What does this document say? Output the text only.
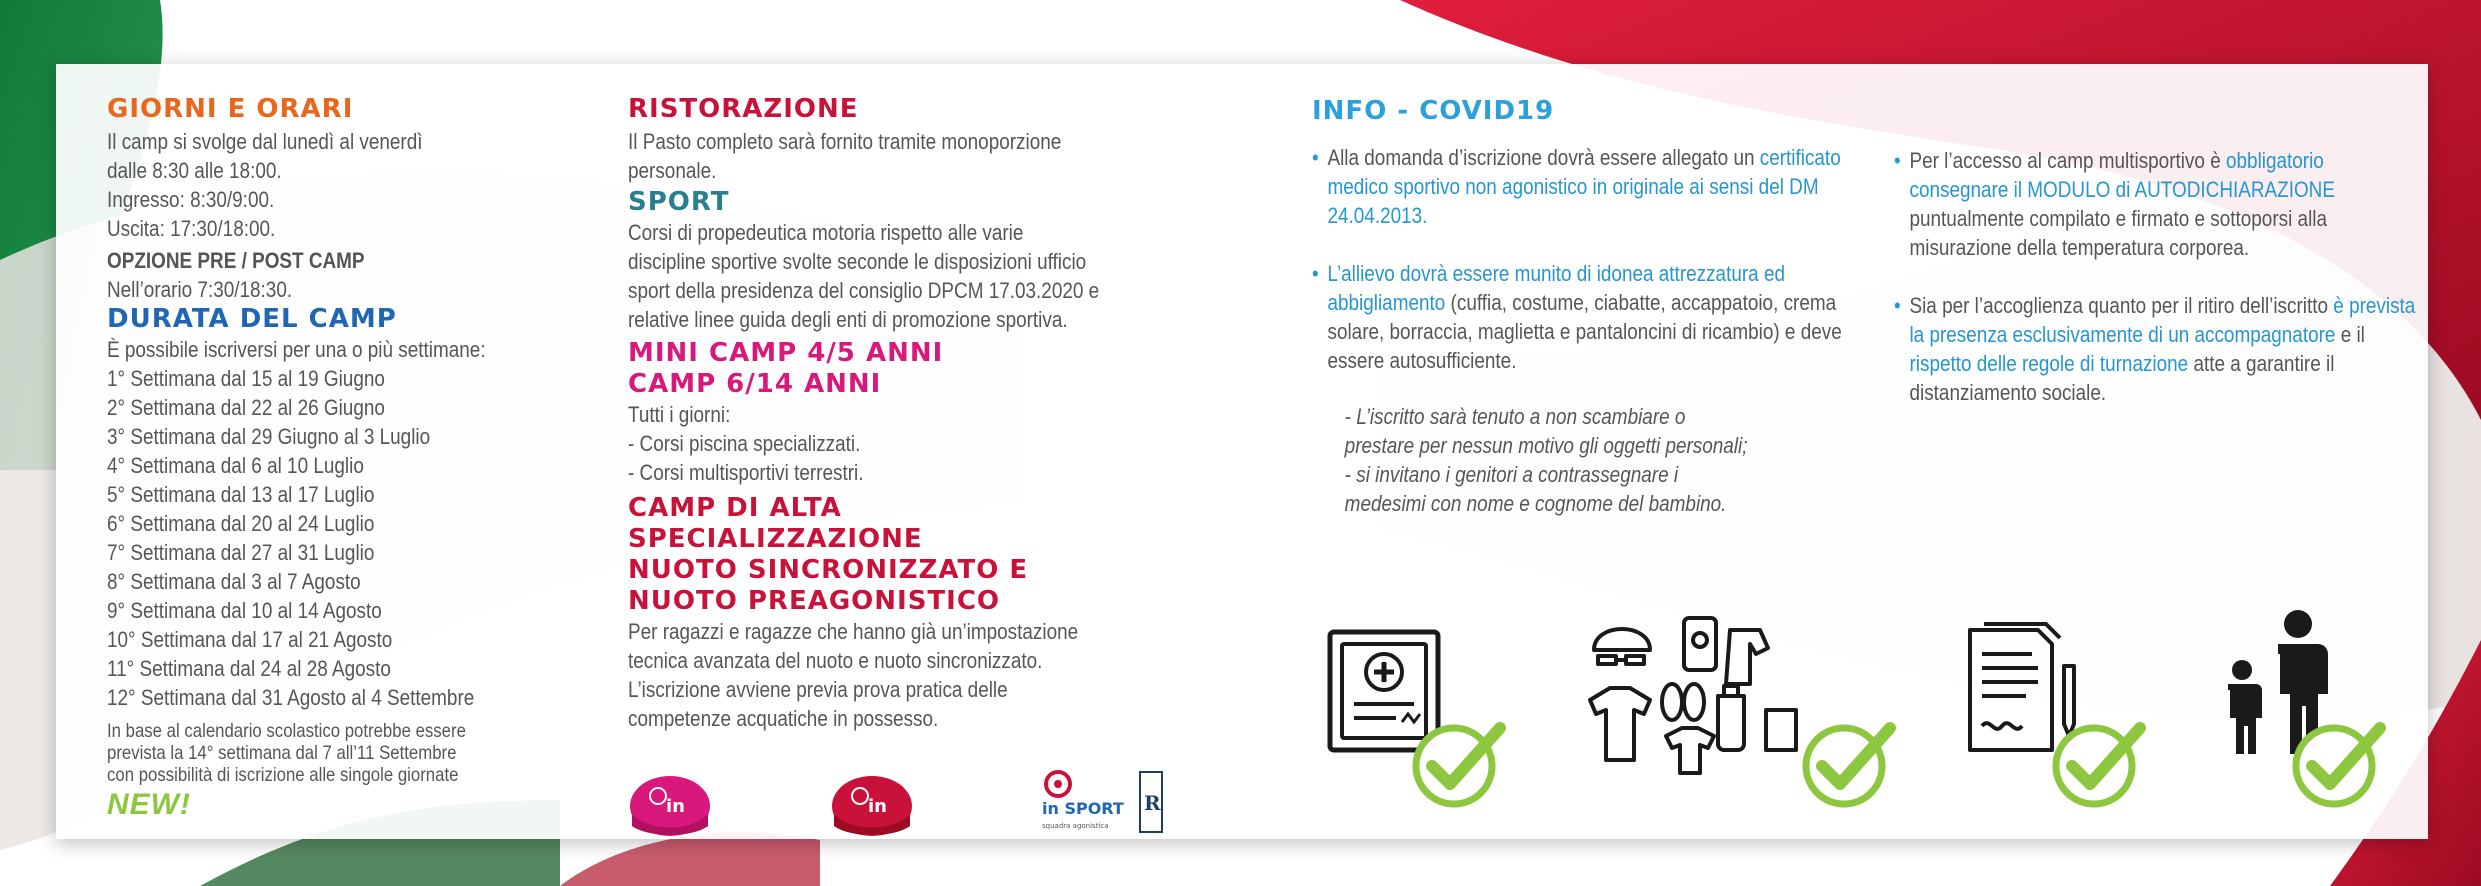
GIORNI E ORARI
Il camp si svolge dal lunedì al venerdì
dalle 8:30 alle 18:00.
Ingresso: 8:30/9:00.
Uscita: 17:30/18:00.
OPZIONE PRE / POST CAMP
Nell’orario 7:30/18:30.
DURATA DEL CAMP
È possibile iscriversi per una o più settimane:
1° Settimana dal 15 al 19 Giugno
2° Settimana dal 22 al 26 Giugno
3° Settimana dal 29 Giugno al 3 Luglio
4° Settimana dal 6 al 10 Luglio
5° Settimana dal 13 al 17 Luglio
6° Settimana dal 20 al 24 Luglio
7° Settimana dal 27 al 31 Luglio
8° Settimana dal 3 al 7 Agosto
9° Settimana dal 10 al 14 Agosto
10° Settimana dal 17 al 21 Agosto
11° Settimana dal 24 al 28 Agosto
12° Settimana dal 31 Agosto al 4 Settembre
In base al calendario scolastico potrebbe essere
prevista la 14° settimana dal 7 all’11 Settembre
con possibilità di iscrizione alle singole giornate
NEW!
RISTORAZIONE
Il Pasto completo sarà fornito tramite monoporzione
personale.
SPORT
Corsi di propedeutica motoria rispetto alle varie
discipline sportive svolte seconde le disposizioni ufficio
sport della presidenza del consiglio DPCM 17.03.2020 e
relative linee guida degli enti di promozione sportiva.
MINI CAMP 4/5 ANNI
CAMP 6/14 ANNI
Tutti i giorni:
- Corsi piscina specializzati.
- Corsi multisportivi terrestri.
CAMP DI ALTA
SPECIALIZZAZIONE
NUOTO SINCRONIZZATO E
NUOTO PREAGONISTICO
Per ragazzi e ragazze che hanno già un’impostazione
tecnica avanzata del nuoto e nuoto sincronizzato.
L’iscrizione avviene previa prova pratica delle
competenze acquatiche in possesso.
in	in	in SPORT
squadra agonistica
R
INFO - COVID19
• Alla domanda d’iscrizione dovrà essere allegato un certificato medico sportivo non agonistico in originale ai sensi del DM 24.04.2013.
• L’allievo dovrà essere munito di idonea attrezzatura ed abbigliamento (cuffia, costume, ciabatte, accappatoio, crema solare, borraccia, maglietta e pantaloncini di ricambio) e deve essere autosufficiente.
- L’iscritto sarà tenuto a non scambiare o
prestare per nessun motivo gli oggetti personali;
- si invitano i genitori a contrassegnare i
medesimi con nome e cognome del bambino.
• Per l’accesso al camp multisportivo è obbligatorio consegnare il MODULO di AUTODICHIARAZIONE puntualmente compilato e firmato e sottoporsi alla misurazione della temperatura corporea.
• Sia per l’accoglienza quanto per il ritiro dell’iscritto è prevista la presenza esclusivamente di un accompagnatore e il rispetto delle regole di turnazione atte a garantire il distanziamento sociale.
